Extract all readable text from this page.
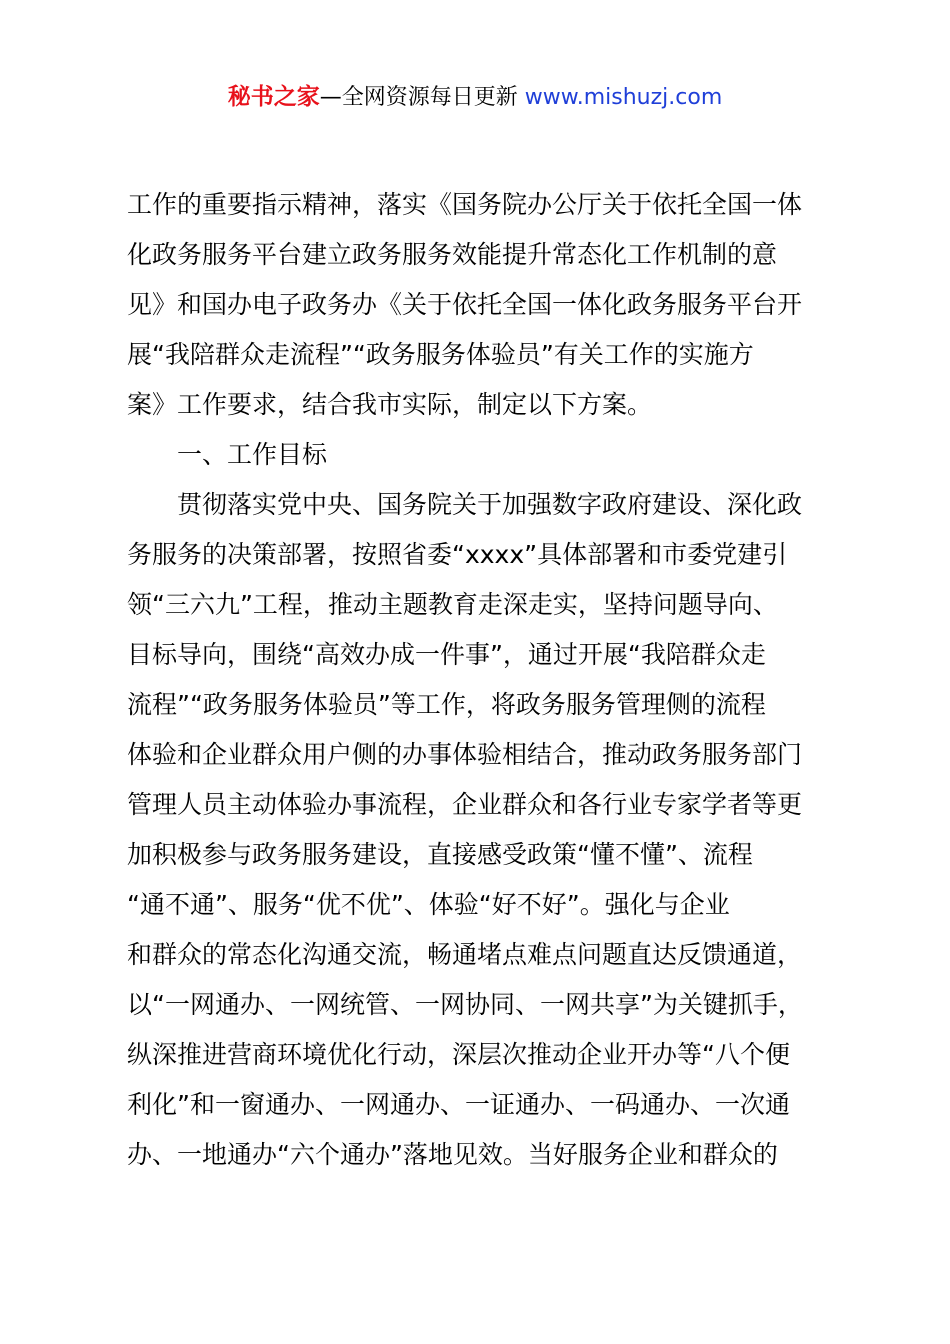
秘书之家—全网资源每日更新 www.mishuzj.com
工作的重要指示精神，落实《国务院办公厅关于依托全国一体
化政务服务平台建立政务服务效能提升常态化工作机制的意
见》和国办电子政务办《关于依托全国一体化政务服务平台开
展“我陪群众走流程”“政务服务体验员”有关工作的实施方
案》工作要求，结合我市实际，制定以下方案。
　　一、工作目标
　　贯彻落实党中央、国务院关于加强数字政府建设、深化政
务服务的决策部署，按照省委“xxxx”具体部署和市委党建引
领“三六九”工程，推动主题教育走深走实，坚持问题导向、
目标导向，围绕“高效办成一件事”，通过开展“我陪群众走
流程”“政务服务体验员”等工作，将政务服务管理侧的流程
体验和企业群众用户侧的办事体验相结合，推动政务服务部门
管理人员主动体验办事流程，企业群众和各行业专家学者等更
加积极参与政务服务建设，直接感受政策“懂不懂”、流程
“通不通”、服务“优不优”、体验“好不好”。强化与企业
和群众的常态化沟通交流，畅通堵点难点问题直达反馈通道，
以“一网通办、一网统管、一网协同、一网共享”为关键抓手，
纵深推进营商环境优化行动，深层次推动企业开办等“八个便
利化”和一窗通办、一网通办、一证通办、一码通办、一次通
办、一地通办“六个通办”落地见效。当好服务企业和群众的
